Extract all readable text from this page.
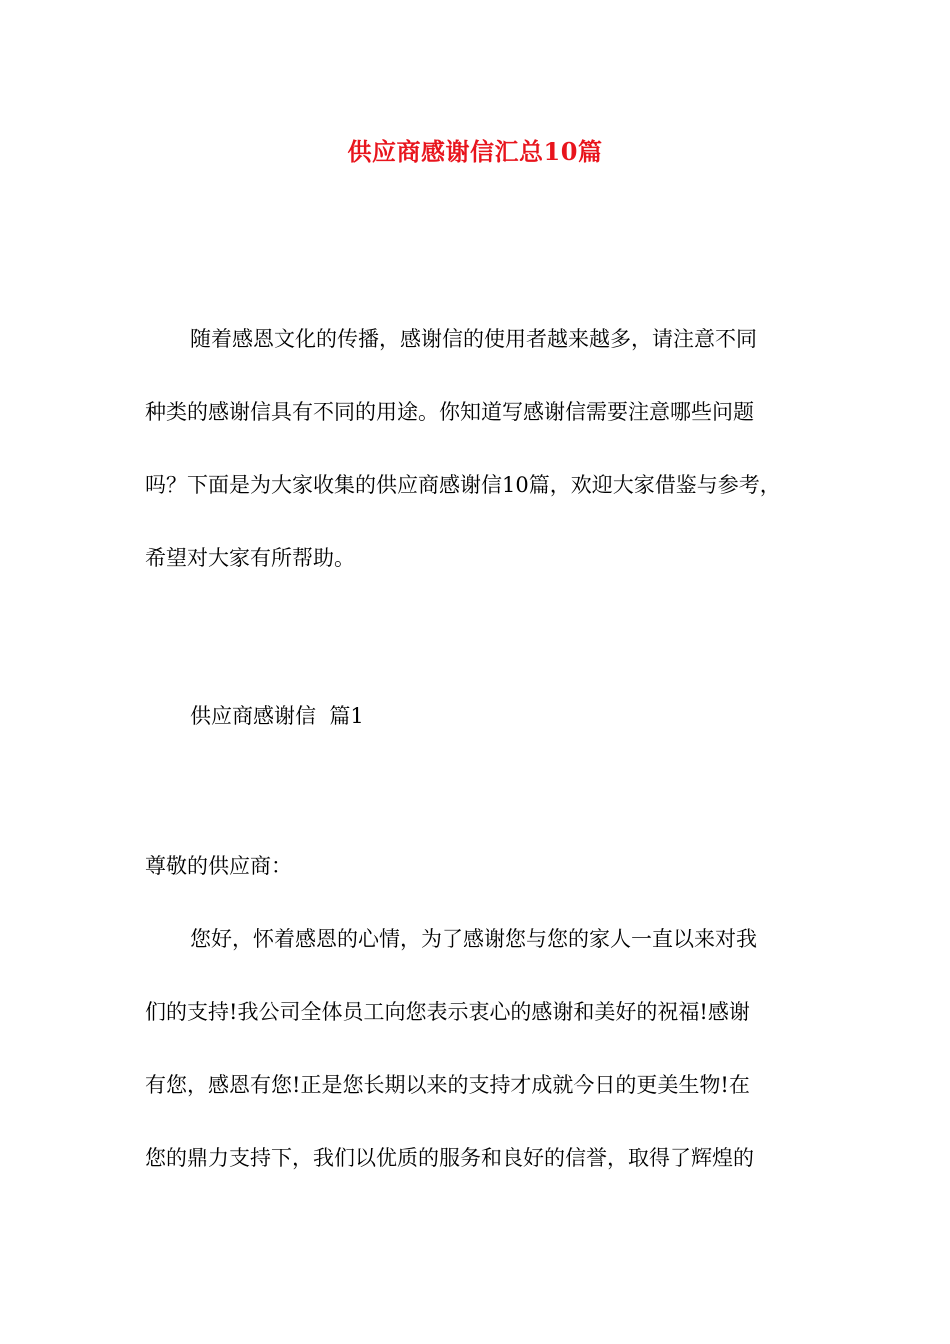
供应商感谢信汇总10篇
随着感恩文化的传播，感谢信的使用者越来越多，请注意不同
种类的感谢信具有不同的用途。你知道写感谢信需要注意哪些问题
吗？下面是为大家收集的供应商感谢信10篇，欢迎大家借鉴与参考，
希望对大家有所帮助。
供应商感谢信  篇1
尊敬的供应商：
您好，怀着感恩的心情，为了感谢您与您的家人一直以来对我
们的支持!我公司全体员工向您表示衷心的感谢和美好的祝福!感谢
有您，感恩有您!正是您长期以来的支持才成就今日的更美生物!在
您的鼎力支持下，我们以优质的服务和良好的信誉，取得了辉煌的
